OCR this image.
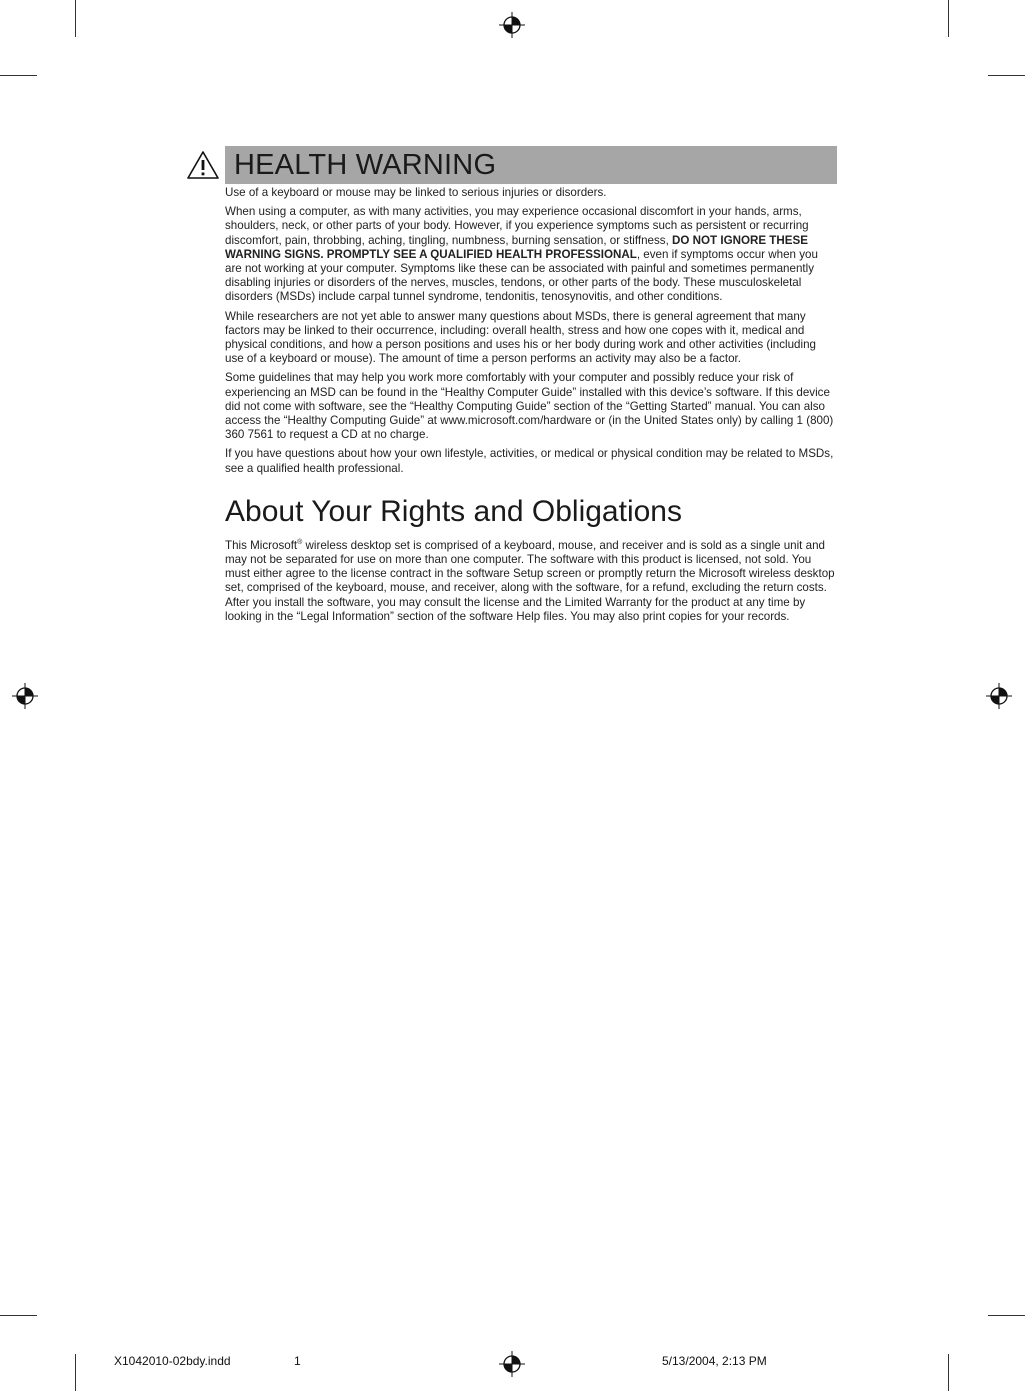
HEALTH WARNING

Use of a keyboard or mouse may be linked to serious injuries or disorders.

When using a computer, as with many activities, you may experience occasional discomfort in your hands, arms, shoulders, neck, or other parts of your body. However, if you experience symptoms such as persistent or recurring discomfort, pain, throbbing, aching, tingling, numbness, burning sensation, or stiffness, DO NOT IGNORE THESE WARNING SIGNS. PROMPTLY SEE A QUALIFIED HEALTH PROFESSIONAL, even if symptoms occur when you are not working at your computer. Symptoms like these can be associated with painful and sometimes permanently disabling injuries or disorders of the nerves, muscles, tendons, or other parts of the body. These musculoskeletal disorders (MSDs) include carpal tunnel syndrome, tendonitis, tenosynovitis, and other conditions.

While researchers are not yet able to answer many questions about MSDs, there is general agreement that many factors may be linked to their occurrence, including: overall health, stress and how one copes with it, medical and physical conditions, and how a person positions and uses his or her body during work and other activities (including use of a keyboard or mouse). The amount of time a person performs an activity may also be a factor.

Some guidelines that may help you work more comfortably with your computer and possibly reduce your risk of experiencing an MSD can be found in the “Healthy Computer Guide” installed with this device’s software. If this device did not come with software, see the “Healthy Computing Guide” section of the “Getting Started” manual. You can also access the “Healthy Computing Guide” at www.microsoft.com/hardware or (in the United States only) by calling 1 (800) 360 7561 to request a CD at no charge.

If you have questions about how your own lifestyle, activities, or medical or physical condition may be related to MSDs, see a qualified health professional.

About Your Rights and Obligations

This Microsoft® wireless desktop set is comprised of a keyboard, mouse, and receiver and is sold as a single unit and may not be separated for use on more than one computer. The software with this product is licensed, not sold. You must either agree to the license contract in the software Setup screen or promptly return the Microsoft wireless desktop set, comprised of the keyboard, mouse, and receiver, along with the software, for a refund, excluding the return costs. After you install the software, you may consult the license and the Limited Warranty for the product at any time by looking in the “Legal Information” section of the software Help files. You may also print copies for your records.

X1042010-02bdy.indd	1	5/13/2004, 2:13 PM
